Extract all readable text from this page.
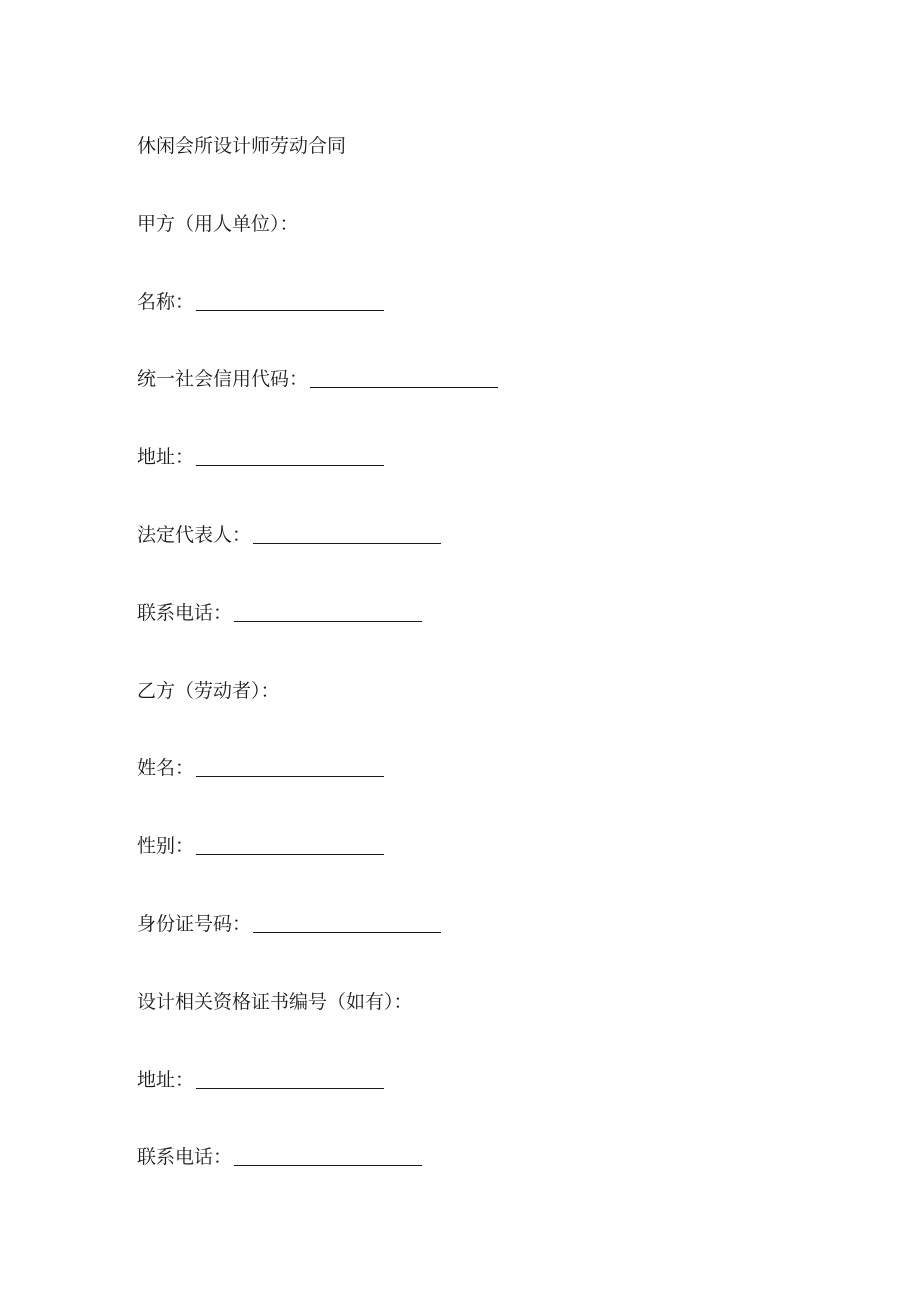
休闲会所设计师劳动合同
甲方（用人单位）：
名称：
统一社会信用代码：
地址：
法定代表人：
联系电话：
乙方（劳动者）：
姓名：
性别：
身份证号码：
设计相关资格证书编号（如有）：
地址：
联系电话：
